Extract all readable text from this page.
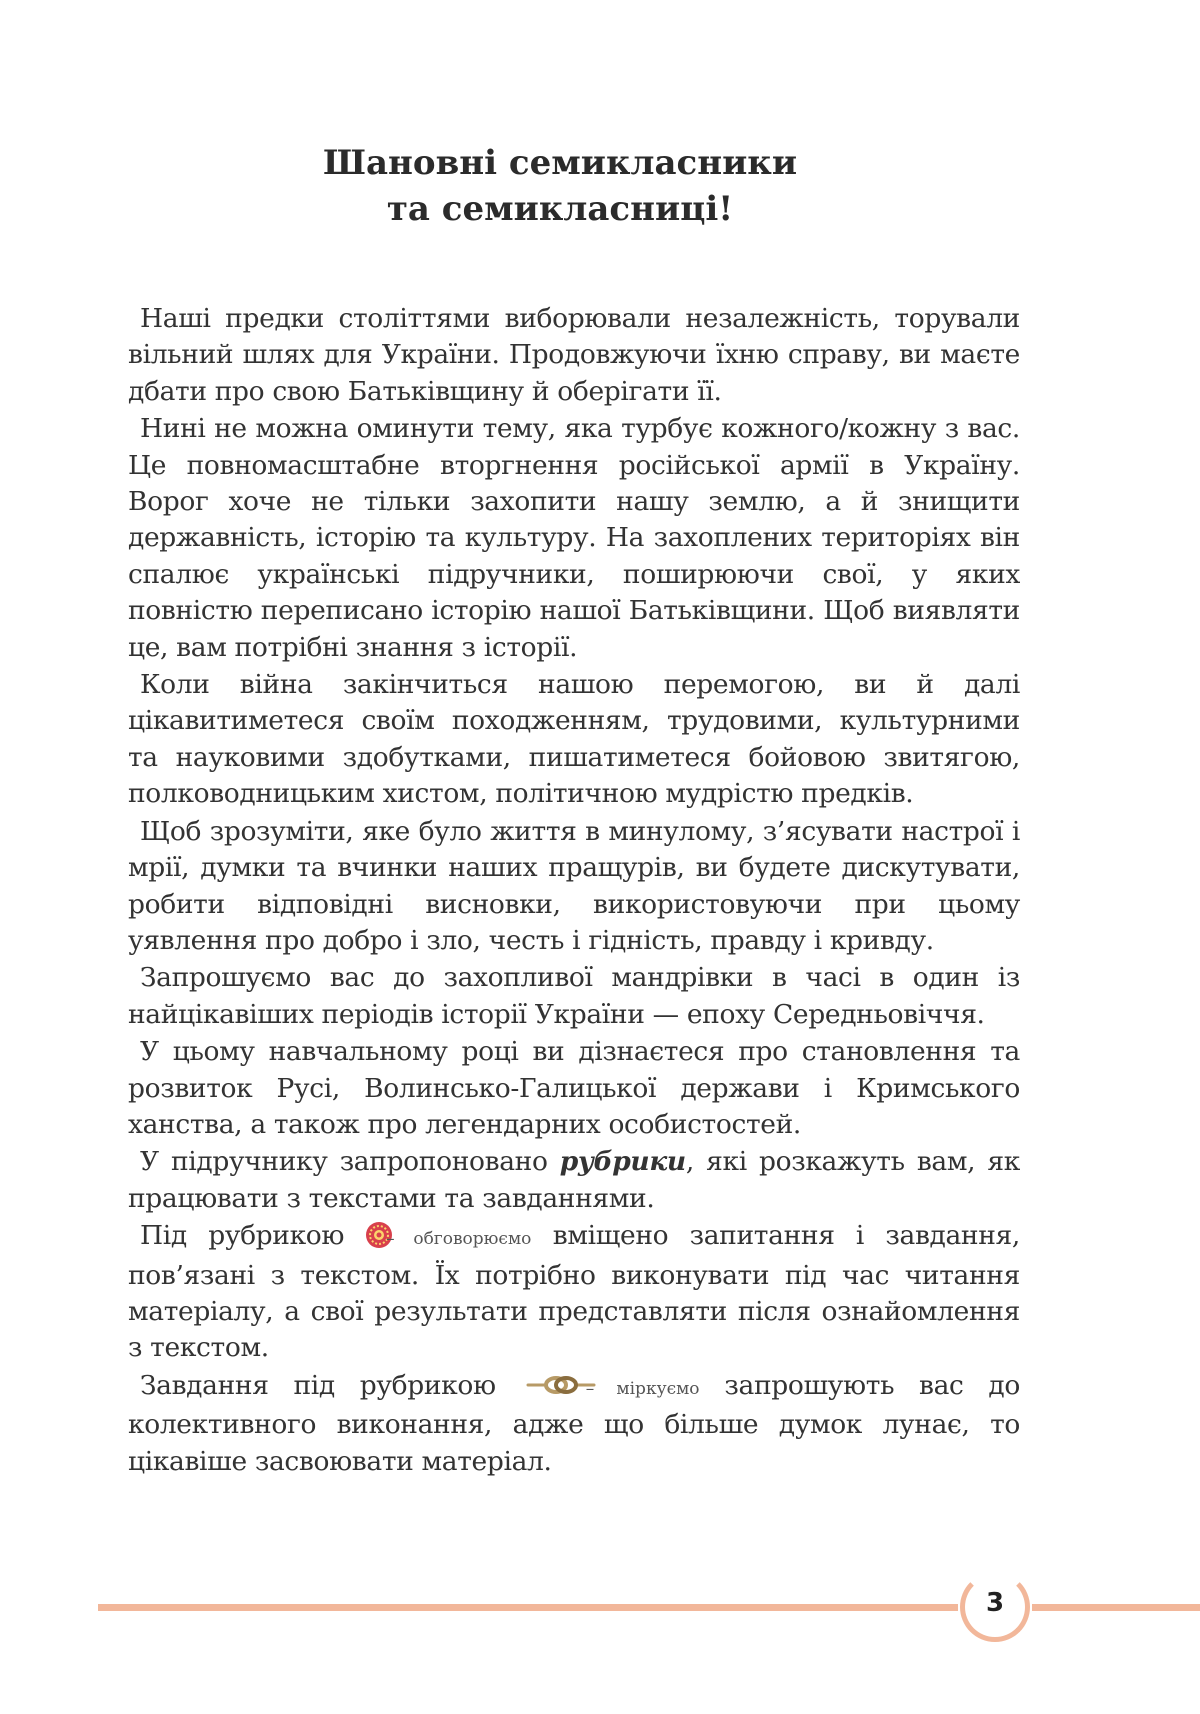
Шановні семикласники
та семикласниці!

Наші предки століттями виборювали незалежність, торували вільний шлях для України. Продовжуючи їхню справу, ви маєте дбати про свою Батьківщину й оберігати її.

Нині не можна оминути тему, яка турбує кожного/кожну з вас. Це повномасштабне вторгнення російської армії в Україну. Ворог хоче не тільки захопити нашу землю, а й знищити державність, історію та культуру. На захоплених територіях він спалює українські підручники, поширюючи свої, у яких повністю переписано історію нашої Батьківщини. Щоб виявляти це, вам потрібні знання з історії.

Коли війна закінчиться нашою перемогою, ви й далі цікавитиметеся своїм походженням, трудовими, культурними та науковими здобутками, пишатиметеся бойовою звитягою, полководницьким хистом, політичною мудрістю предків.

Щоб зрозуміти, яке було життя в минулому, з’ясувати настрої і мрії, думки та вчинки наших пращурів, ви будете дискутувати, робити відповідні висновки, використовуючи при цьому уявлення про добро і зло, честь і гідність, правду і кривду.

Запрошуємо вас до захопливої мандрівки в часі в один із найцікавіших періодів історії України — епоху Середньовіччя.

У цьому навчальному році ви дізнаєтеся про становлення та розвиток Русі, Волинсько-Галицької держави і Кримського ханства, а також про легендарних особистостей.

У підручнику запропоновано рубрики, які розкажуть вам, як працювати з текстами та завданнями.

Під рубрикою – обговорюємо вміщено запитання і завдання, пов’язані з текстом. Їх потрібно виконувати під час читання матеріалу, а свої результати представляти після ознайомлення з текстом.

Завдання під рубрикою	– міркуємо запрошують вас до колективного виконання, адже що більше думок лунає, то цікавіше засвоювати матеріал.

3
